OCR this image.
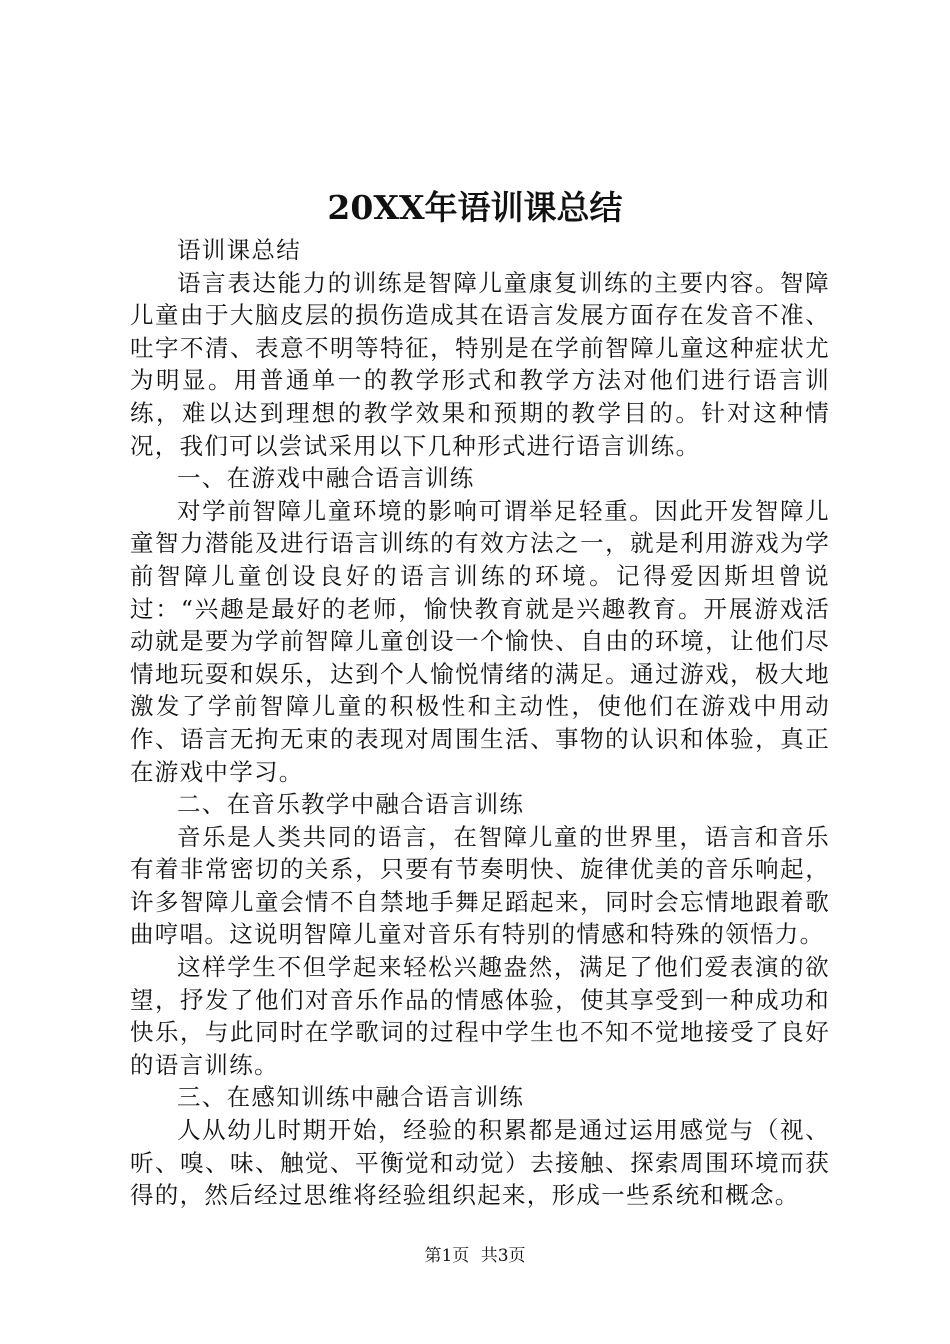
20XX年语训课总结

语训课总结

语言表达能力的训练是智障儿童康复训练的主要内容。智障儿童由于大脑皮层的损伤造成其在语言发展方面存在发音不准、吐字不清、表意不明等特征，特别是在学前智障儿童这种症状尤为明显。用普通单一的教学形式和教学方法对他们进行语言训练，难以达到理想的教学效果和预期的教学目的。针对这种情况，我们可以尝试采用以下几种形式进行语言训练。

一、在游戏中融合语言训练

对学前智障儿童环境的影响可谓举足轻重。因此开发智障儿童智力潜能及进行语言训练的有效方法之一，就是利用游戏为学前智障儿童创设良好的语言训练的环境。记得爱因斯坦曾说过：“兴趣是最好的老师，愉快教育就是兴趣教育。开展游戏活动就是要为学前智障儿童创设一个愉快、自由的环境，让他们尽情地玩耍和娱乐，达到个人愉悦情绪的满足。通过游戏，极大地激发了学前智障儿童的积极性和主动性，使他们在游戏中用动作、语言无拘无束的表现对周围生活、事物的认识和体验，真正在游戏中学习。

二、在音乐教学中融合语言训练

音乐是人类共同的语言，在智障儿童的世界里，语言和音乐有着非常密切的关系，只要有节奏明快、旋律优美的音乐响起，许多智障儿童会情不自禁地手舞足蹈起来，同时会忘情地跟着歌曲哼唱。这说明智障儿童对音乐有特别的情感和特殊的领悟力。

这样学生不但学起来轻松兴趣盎然，满足了他们爱表演的欲望，抒发了他们对音乐作品的情感体验，使其享受到一种成功和快乐，与此同时在学歌词的过程中学生也不知不觉地接受了良好的语言训练。

三、在感知训练中融合语言训练

人从幼儿时期开始，经验的积累都是通过运用感觉与（视、听、嗅、味、触觉、平衡觉和动觉）去接触、探索周围环境而获得的，然后经过思维将经验组织起来，形成一些系统和概念。

第1页 共3页
